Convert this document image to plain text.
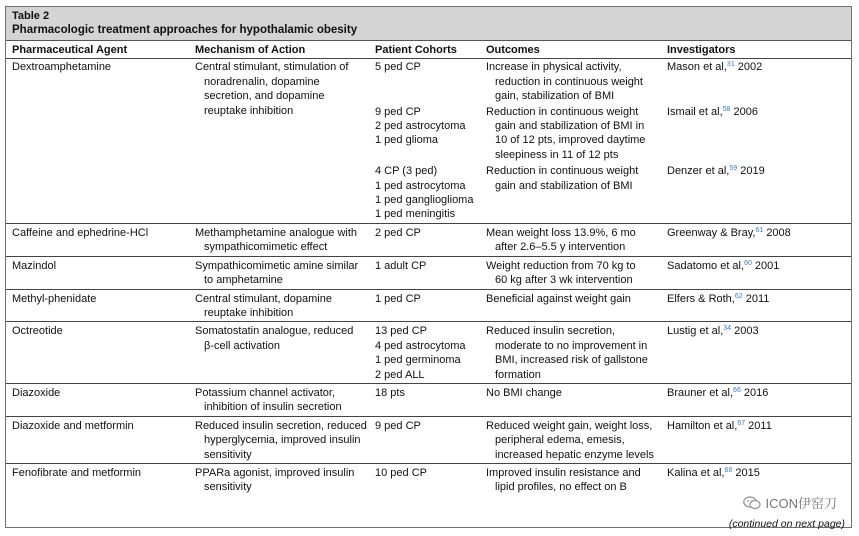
Table 2
Pharmacologic treatment approaches for hypothalamic obesity
Pharmaceutical Agent	Mechanism of Action	Patient Cohorts	Outcomes	Investigators
Dextroamphetamine	Central stimulant, stimulation of
noradrenalin, dopamine
secretion, and dopamine
reuptake inhibition	5 ped CP	Increase in physical activity,
reduction in continuous weight
gain, stabilization of BMI	Mason et al,$^{31}$ 2002

		9 ped CP
2 ped astrocytoma
1 ped glioma	Reduction in continuous weight
gain and stabilization of BMI in
10 of 12 pts, improved daytime
sleepiness in 11 of 12 pts	Ismail et al,$^{58}$ 2006

		4 CP (3 ped)
1 ped astrocytoma
1 ped ganglioglioma
1 ped meningitis	Reduction in continuous weight
gain and stabilization of BMI	Denzer et al,$^{59}$ 2019
Caffeine and ephedrine-HCl	Methamphetamine analogue with
sympathicomimetic effect	2 ped CP	Mean weight loss 13.9%, 6 mo
after 2.6–5.5 y intervention	Greenway & Bray,$^{61}$ 2008
Mazindol	Sympathicomimetic amine similar
to amphetamine	1 adult CP	Weight reduction from 70 kg to
60 kg after 3 wk intervention	Sadatomo et al,$^{60}$ 2001
Methyl-phenidate	Central stimulant, dopamine
reuptake inhibition	1 ped CP	Beneficial against weight gain	Elfers & Roth,$^{62}$ 2011
Octreotide	Somatostatin analogue, reduced
β-cell activation	13 ped CP
4 ped astrocytoma
1 ped germinoma
2 ped ALL	Reduced insulin secretion,
moderate to no improvement in
BMI, increased risk of gallstone
formation	Lustig et al,$^{34}$ 2003
Diazoxide	Potassium channel activator,
inhibition of insulin secretion	18 pts	No BMI change	Brauner et al,$^{66}$ 2016
Diazoxide and metformin	Reduced insulin secretion, reduced
hyperglycemia, improved insulin
sensitivity	9 ped CP	Reduced weight gain, weight loss,
peripheral edema, emesis,
increased hepatic enzyme levels	Hamilton et al,$^{67}$ 2011
Fenofibrate and metformin	PPARa agonist, improved insulin
sensitivity	10 ped CP	Improved insulin resistance and
lipid profiles, no effect on B	Kalina et al,$^{68}$ 2015
ICON伊窑刀
(continued on next page)
